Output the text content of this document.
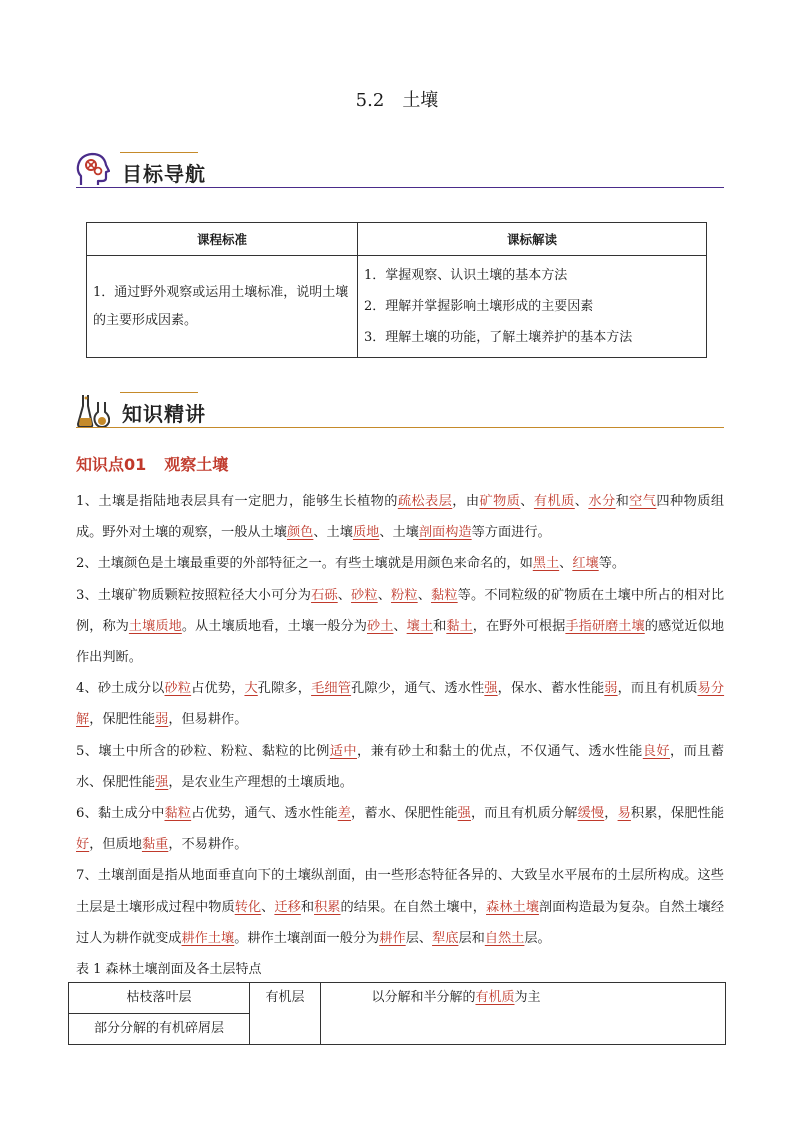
5.2 土壤
目标导航
课程标准	课标解读
1．通过野外观察或运用土壤标准，说明土壤的主要形成因素。	1．掌握观察、认识土壤的基本方法
2．理解并掌握影响土壤形成的主要因素
3．理解土壤的功能，了解土壤养护的基本方法
知识精讲
知识点01 观察土壤

1、土壤是指陆地表层具有一定肥力，能够生长植物的疏松表层，由矿物质、有机质、水分和空气四种物质组成。野外对土壤的观察，一般从土壤颜色、土壤质地、土壤剖面构造等方面进行。

2、土壤颜色是土壤最重要的外部特征之一。有些土壤就是用颜色来命名的，如黑土、红壤等。

3、土壤矿物质颗粒按照粒径大小可分为石砾、砂粒、粉粒、黏粒等。不同粒级的矿物质在土壤中所占的相对比例，称为土壤质地。从土壤质地看，土壤一般分为砂土、壤土和黏土，在野外可根据手指研磨土壤的感觉近似地作出判断。

4、砂土成分以砂粒占优势，大孔隙多，毛细管孔隙少，通气、透水性强，保水、蓄水性能弱，而且有机质易分解，保肥性能弱，但易耕作。

5、壤土中所含的砂粒、粉粒、黏粒的比例适中，兼有砂土和黏土的优点，不仅通气、透水性能良好，而且蓄水、保肥性能强，是农业生产理想的土壤质地。

6、黏土成分中黏粒占优势，通气、透水性能差，蓄水、保肥性能强，而且有机质分解缓慢，易积累，保肥性能好，但质地黏重，不易耕作。

7、土壤剖面是指从地面垂直向下的土壤纵剖面，由一些形态特征各异的、大致呈水平展布的土层所构成。这些土层是土壤形成过程中物质转化、迁移和积累的结果。在自然土壤中，森林土壤剖面构造最为复杂。自然土壤经过人为耕作就变成耕作土壤。耕作土壤剖面一般分为耕作层、犁底层和自然土层。

表 1 森林土壤剖面及各土层特点
枯枝落叶层	有机层	以分解和半分解的有机质为主
部分分解的有机碎屑层
